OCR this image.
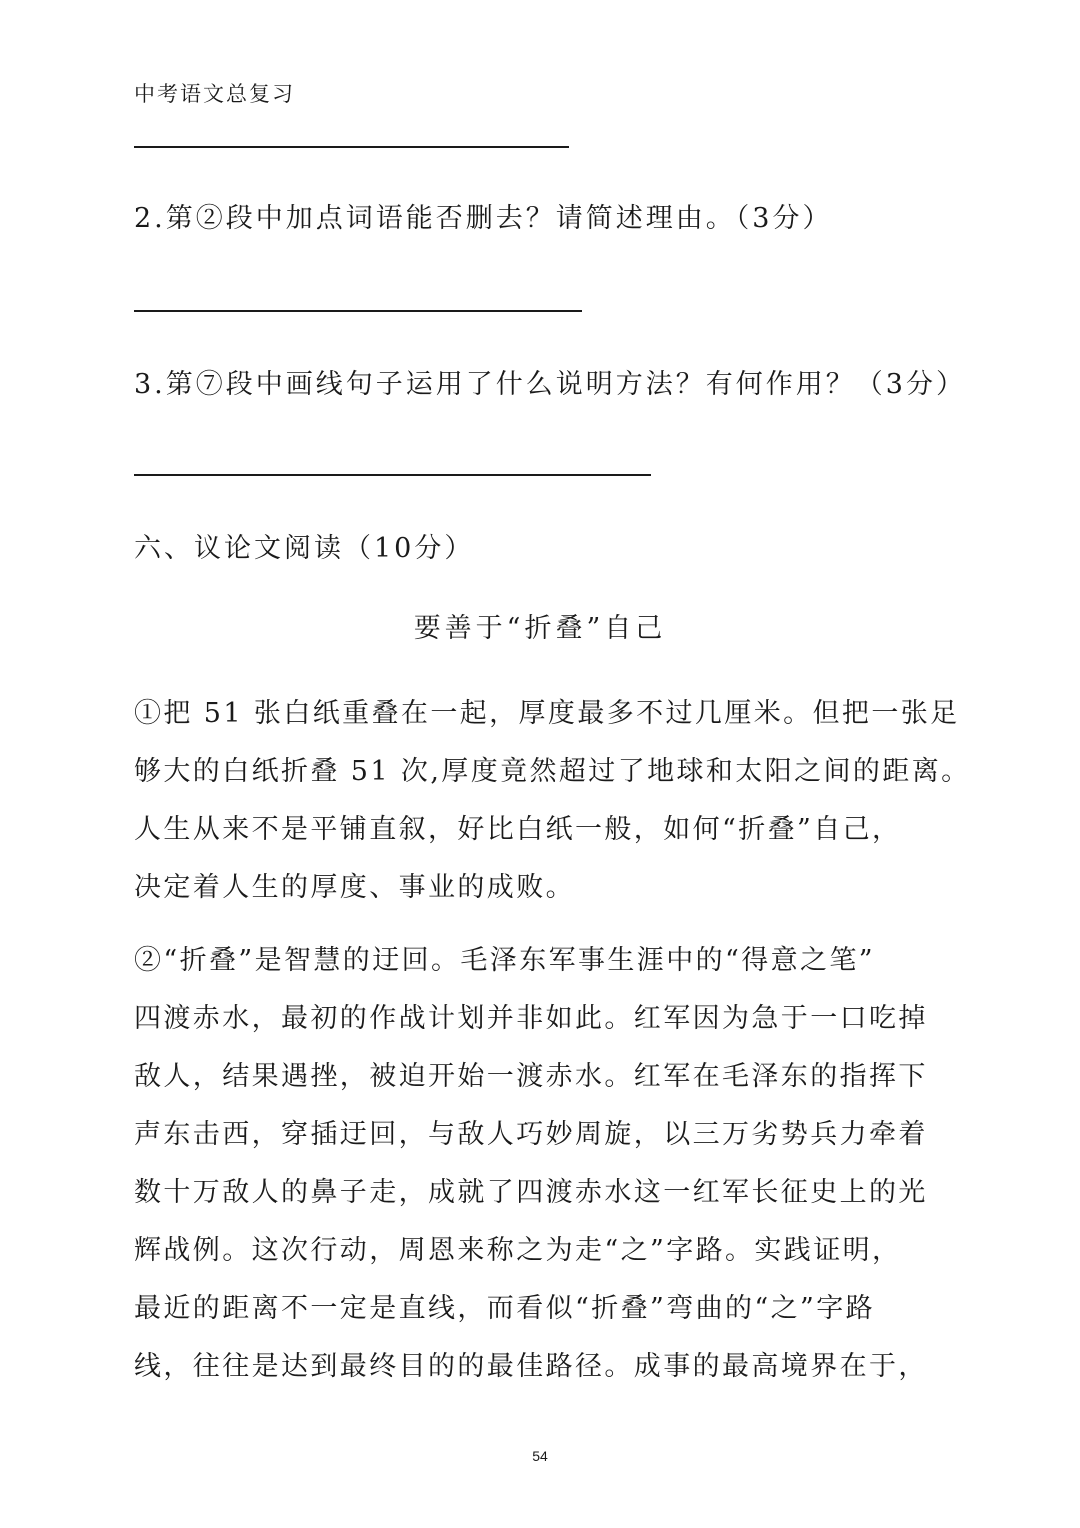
中考语文总复习
2.第②段中加点词语能否删去？请简述理由。（3分）
3.第⑦段中画线句子运用了什么说明方法？有何作用？（3分）
六、议论文阅读（10分）
要善于“折叠”自己
①把 51 张白纸重叠在一起，厚度最多不过几厘米。但把一张足
够大的白纸折叠 51 次,厚度竟然超过了地球和太阳之间的距离。
人生从来不是平铺直叙，好比白纸一般，如何“折叠”自己，
决定着人生的厚度、事业的成败。
②“折叠”是智慧的迂回。毛泽东军事生涯中的“得意之笔”
四渡赤水，最初的作战计划并非如此。红军因为急于一口吃掉
敌人，结果遇挫，被迫开始一渡赤水。红军在毛泽东的指挥下
声东击西，穿插迂回，与敌人巧妙周旋，以三万劣势兵力牵着
数十万敌人的鼻子走，成就了四渡赤水这一红军长征史上的光
辉战例。这次行动，周恩来称之为走“之”字路。实践证明，
最近的距离不一定是直线，而看似“折叠”弯曲的“之”字路
线，往往是达到最终目的的最佳路径。成事的最高境界在于，
54
